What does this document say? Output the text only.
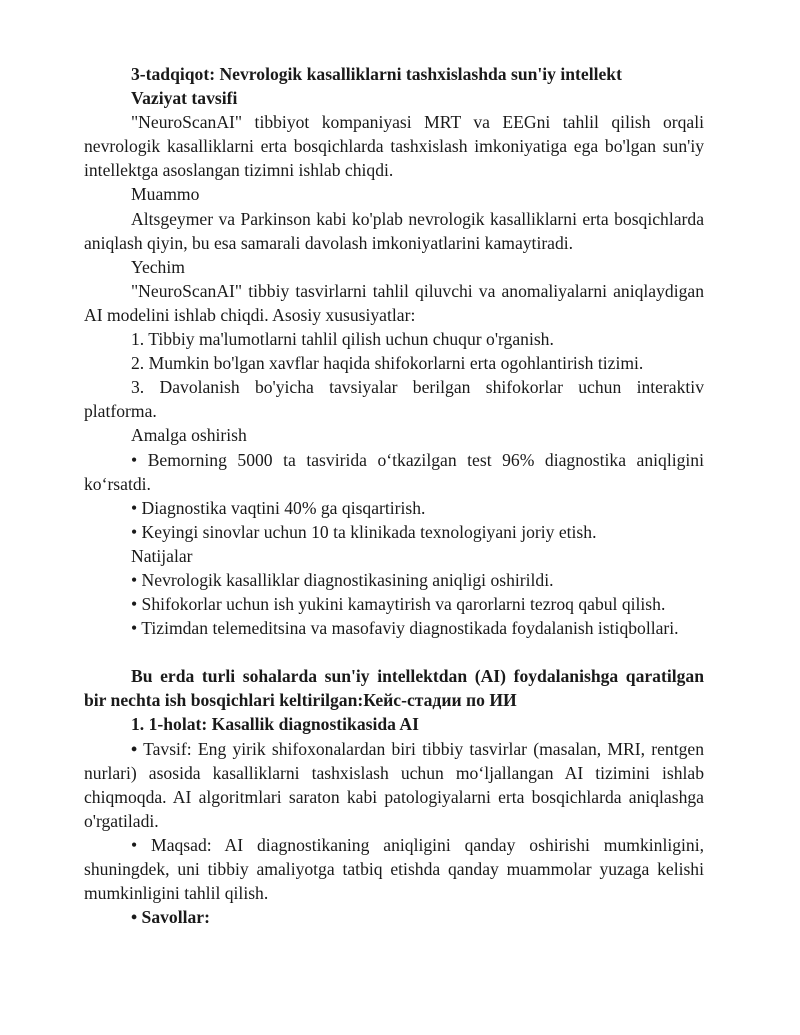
3-tadqiqot: Nevrologik kasalliklarni tashxislashda sun'iy intellekt

Vaziyat tavsifi

"NeuroScanAI" tibbiyot kompaniyasi MRT va EEGni tahlil qilish orqali nevrologik kasalliklarni erta bosqichlarda tashxislash imkoniyatiga ega bo'lgan sun'iy intellektga asoslangan tizimni ishlab chiqdi.

Muammo

Altsgeymer va Parkinson kabi ko'plab nevrologik kasalliklarni erta bosqichlarda aniqlash qiyin, bu esa samarali davolash imkoniyatlarini kamaytiradi.

Yechim

"NeuroScanAI" tibbiy tasvirlarni tahlil qiluvchi va anomaliyalarni aniqlaydigan AI modelini ishlab chiqdi. Asosiy xususiyatlar:

1. Tibbiy ma'lumotlarni tahlil qilish uchun chuqur o'rganish.

2. Mumkin bo'lgan xavflar haqida shifokorlarni erta ogohlantirish tizimi.

3. Davolanish bo'yicha tavsiyalar berilgan shifokorlar uchun interaktiv platforma.

Amalga oshirish

• Bemorning 5000 ta tasvirida o‘tkazilgan test 96% diagnostika aniqligini ko‘rsatdi.

• Diagnostika vaqtini 40% ga qisqartirish.

• Keyingi sinovlar uchun 10 ta klinikada texnologiyani joriy etish.

Natijalar

• Nevrologik kasalliklar diagnostikasining aniqligi oshirildi.

• Shifokorlar uchun ish yukini kamaytirish va qarorlarni tezroq qabul qilish.

• Tizimdan telemeditsina va masofaviy diagnostikada foydalanish istiqbollari.

Bu erda turli sohalarda sun'iy intellektdan (AI) foydalanishga qaratilgan bir nechta ish bosqichlari keltirilgan:Кейс-стадии по ИИ

1. 1-holat: Kasallik diagnostikasida AI

• Tavsif: Eng yirik shifoxonalardan biri tibbiy tasvirlar (masalan, MRI, rentgen nurlari) asosida kasalliklarni tashxislash uchun mo‘ljallangan AI tizimini ishlab chiqmoqda. AI algoritmlari saraton kabi patologiyalarni erta bosqichlarda aniqlashga o'rgatiladi.

• Maqsad: AI diagnostikaning aniqligini qanday oshirishi mumkinligini, shuningdek, uni tibbiy amaliyotga tatbiq etishda qanday muammolar yuzaga kelishi mumkinligini tahlil qilish.

• Savollar:
